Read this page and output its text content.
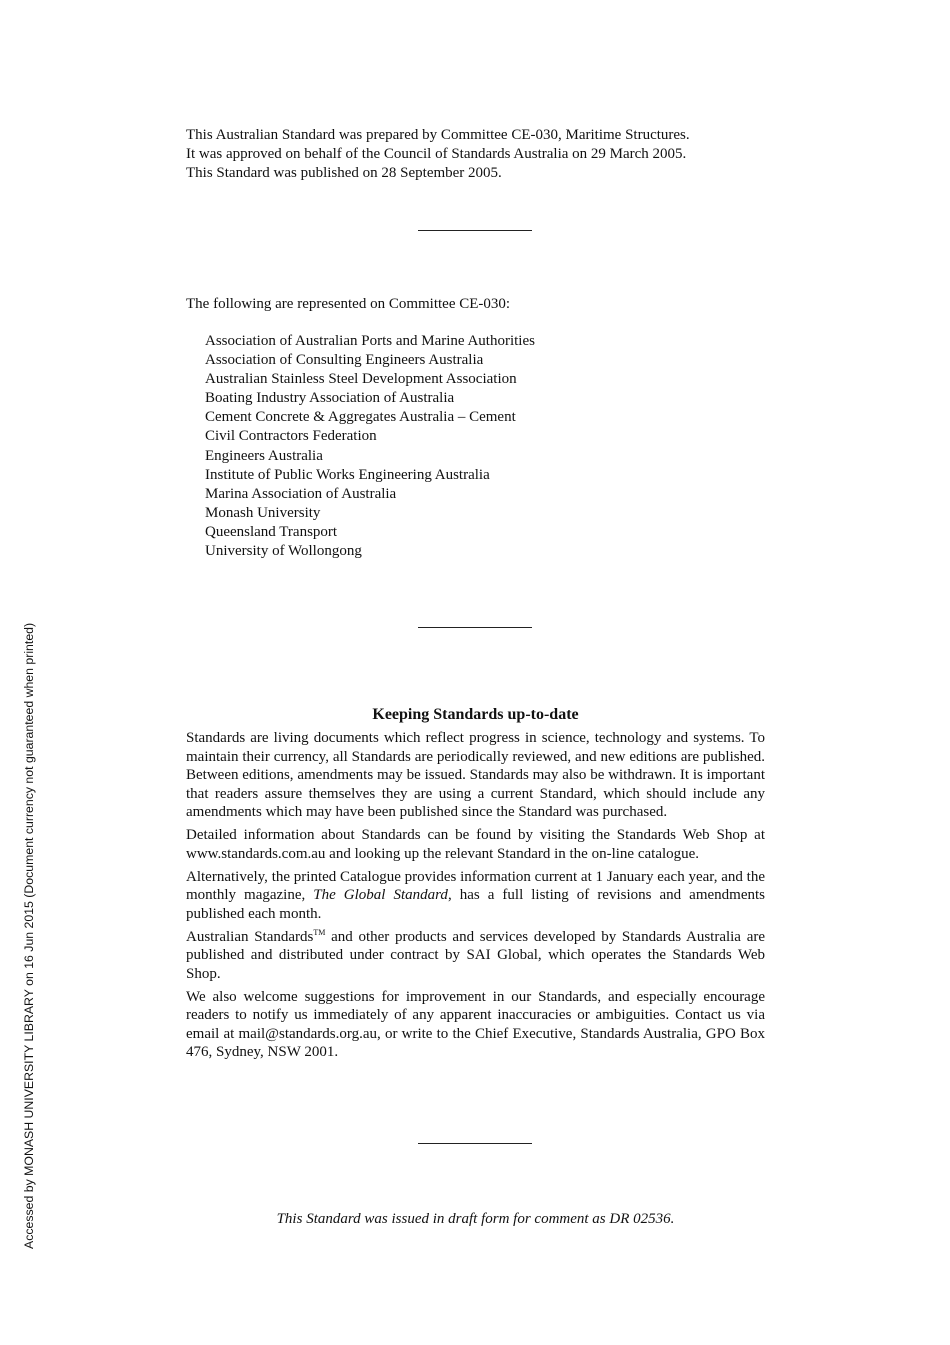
Accessed by MONASH UNIVERSITY LIBRARY on 16 Jun 2015 (Document currency not guaranteed when printed)
This Australian Standard was prepared by Committee CE-030, Maritime Structures.
It was approved on behalf of the Council of Standards Australia on 29 March 2005.
This Standard was published on 28 September 2005.
The following are represented on Committee CE-030:
Association of Australian Ports and Marine Authorities
Association of Consulting Engineers Australia
Australian Stainless Steel Development Association
Boating Industry Association of Australia
Cement Concrete & Aggregates Australia – Cement
Civil Contractors Federation
Engineers Australia
Institute of Public Works Engineering Australia
Marina Association of Australia
Monash University
Queensland Transport
University of Wollongong
Keeping Standards up-to-date

Standards are living documents which reflect progress in science, technology and systems. To maintain their currency, all Standards are periodically reviewed, and new editions are published. Between editions, amendments may be issued. Standards may also be withdrawn. It is important that readers assure themselves they are using a current Standard, which should include any amendments which may have been published since the Standard was purchased.

Detailed information about Standards can be found by visiting the Standards Web Shop at www.standards.com.au and looking up the relevant Standard in the on-line catalogue.

Alternatively, the printed Catalogue provides information current at 1 January each year, and the monthly magazine, The Global Standard, has a full listing of revisions and amendments published each month.

Australian Standards™ and other products and services developed by Standards Australia are published and distributed under contract by SAI Global, which operates the Standards Web Shop.

We also welcome suggestions for improvement in our Standards, and especially encourage readers to notify us immediately of any apparent inaccuracies or ambiguities. Contact us via email at mail@standards.org.au, or write to the Chief Executive, Standards Australia, GPO Box 476, Sydney, NSW 2001.

This Standard was issued in draft form for comment as DR 02536.
